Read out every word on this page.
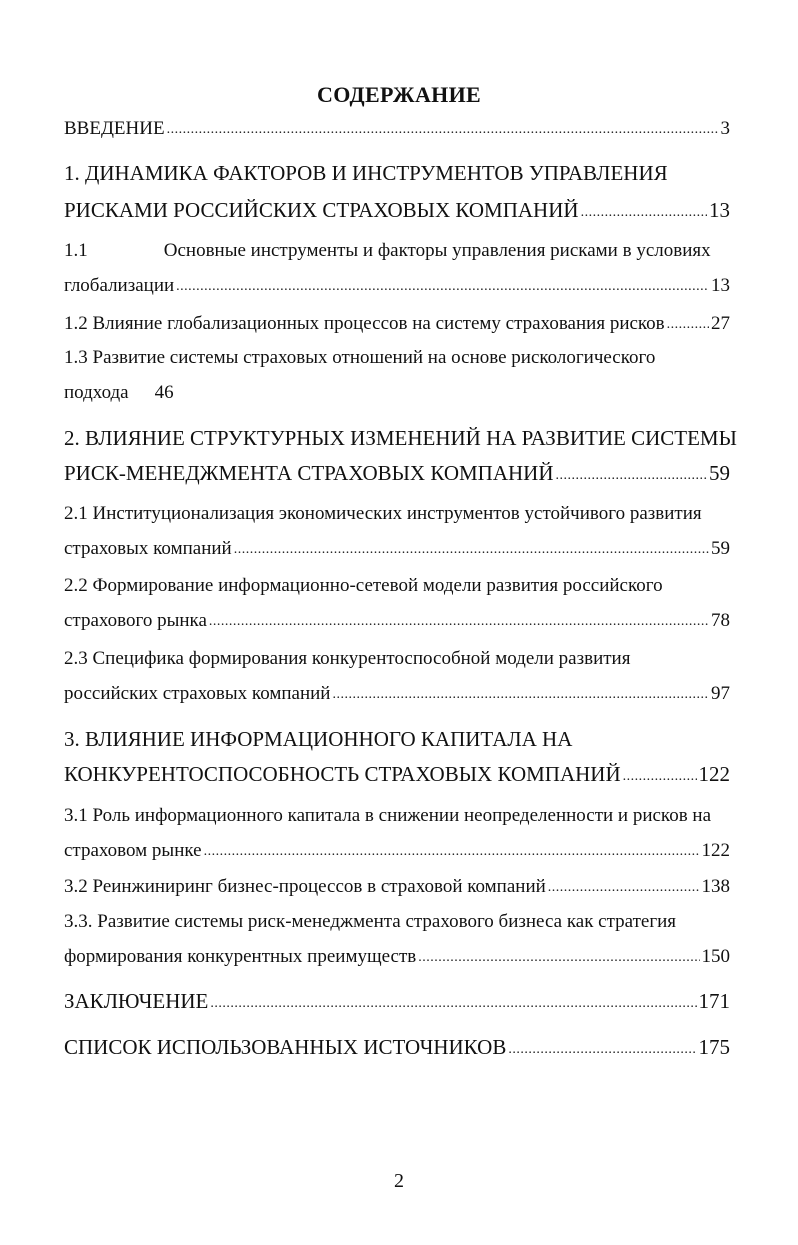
СОДЕРЖАНИЕ
ВВЕДЕНИЕ .....	3
1. ДИНАМИКА ФАКТОРОВ И ИНСТРУМЕНТОВ УПРАВЛЕНИЯ
РИСКАМИ РОССИЙСКИХ СТРАХОВЫХ КОМПАНИЙ .....	13
1.1	Основные инструменты и факторы управления рисками в условиях
глобализации .....	13
1.2 Влияние глобализационных процессов на систему страхования рисков ..... 27
1.3 Развитие системы страховых отношений на основе рискологического
подхода 46
2. ВЛИЯНИЕ СТРУКТУРНЫХ ИЗМЕНЕНИЙ НА РАЗВИТИЕ СИСТЕМЫ
РИСК-МЕНЕДЖМЕНТА СТРАХОВЫХ КОМПАНИЙ .....	59
2.1 Институционализация экономических инструментов устойчивого развития
страховых компаний .....	59
2.2 Формирование информационно-сетевой модели развития российского
страхового рынка .....	78
2.3 Специфика формирования конкурентоспособной модели развития
российских страховых компаний .....	97
3. ВЛИЯНИЕ ИНФОРМАЦИОННОГО КАПИТАЛА НА
КОНКУРЕНТОСПОСОБНОСТЬ СТРАХОВЫХ КОМПАНИЙ .....	122
3.1 Роль информационного капитала в снижении неопределенности и рисков на
страховом рынке .....	122
3.2 Реинжиниринг бизнес-процессов в страховой компаний .....	138
3.3. Развитие системы риск-менеджмента страхового бизнеса как стратегия
формирования конкурентных преимуществ .....	150
ЗАКЛЮЧЕНИЕ .....	171
СПИСОК ИСПОЛЬЗОВАННЫХ ИСТОЧНИКОВ .....	175
2
